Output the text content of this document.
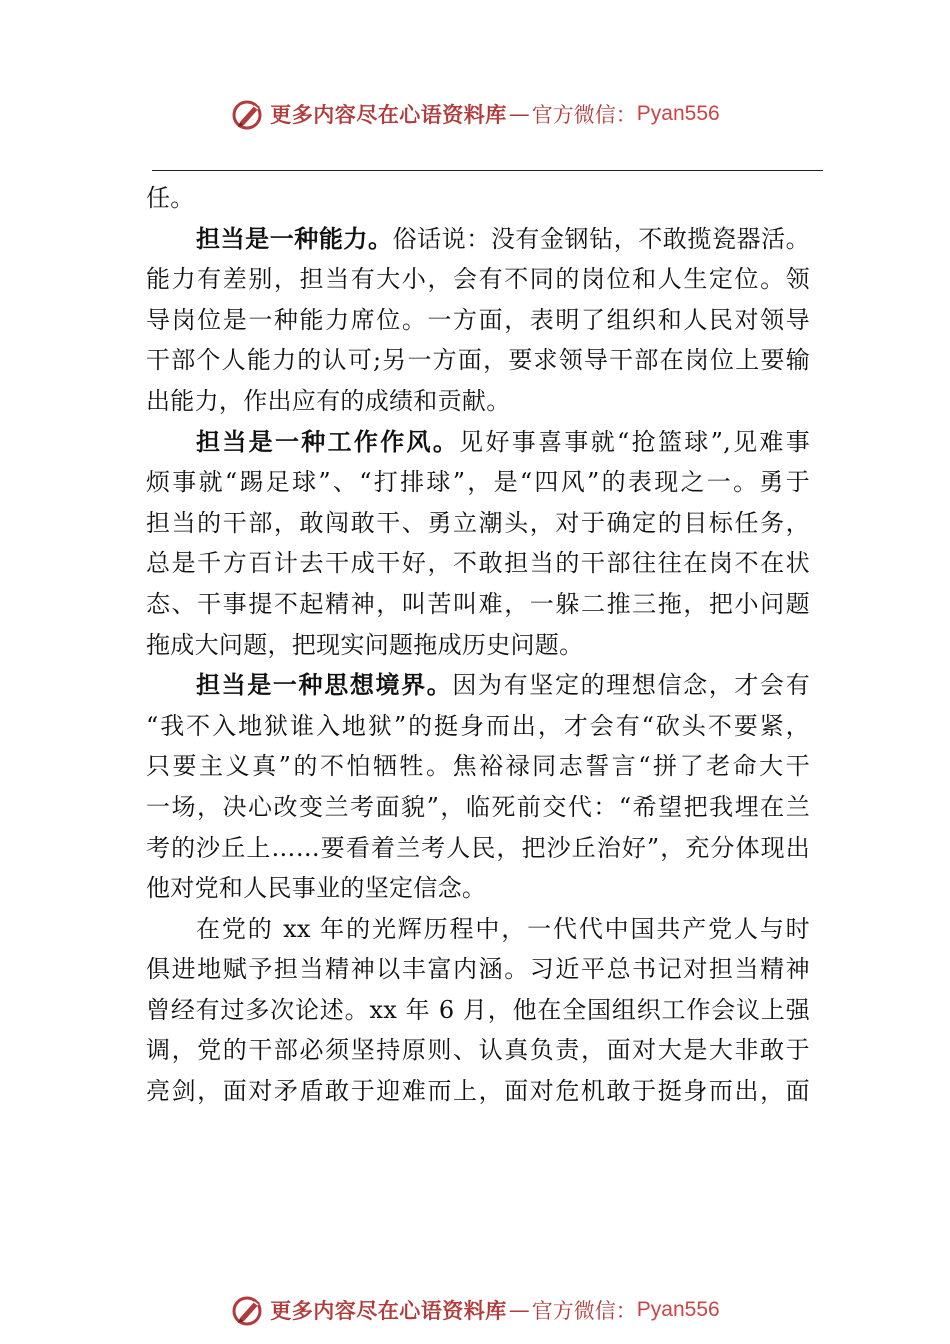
更多内容尽在心语资料库 — 官方微信： Pyan556
任。
担当是一种能力。俗话说：没有金钢钻，不敢揽瓷器活。
能力有差别，担当有大小，会有不同的岗位和人生定位。领
导岗位是一种能力席位。一方面，表明了组织和人民对领导
干部个人能力的认可;另一方面，要求领导干部在岗位上要输
出能力，作出应有的成绩和贡献。
担当是一种工作作风。见好事喜事就“抢篮球”,见难事
烦事就“踢足球”、“打排球”，是“四风”的表现之一。勇于
担当的干部，敢闯敢干、勇立潮头，对于确定的目标任务，
总是千方百计去干成干好，不敢担当的干部往往在岗不在状
态、干事提不起精神，叫苦叫难，一躲二推三拖，把小问题
拖成大问题，把现实问题拖成历史问题。
担当是一种思想境界。因为有坚定的理想信念，才会有
“我不入地狱谁入地狱”的挺身而出，才会有“砍头不要紧，
只要主义真”的不怕牺牲。焦裕禄同志誓言“拼了老命大干
一场，决心改变兰考面貌”，临死前交代：“希望把我埋在兰
考的沙丘上……要看着兰考人民，把沙丘治好”，充分体现出
他对党和人民事业的坚定信念。
在党的 xx 年的光辉历程中，一代代中国共产党人与时
俱进地赋予担当精神以丰富内涵。习近平总书记对担当精神
曾经有过多次论述。xx 年 6 月，他在全国组织工作会议上强
调，党的干部必须坚持原则、认真负责，面对大是大非敢于
亮剑，面对矛盾敢于迎难而上，面对危机敢于挺身而出，面
更多内容尽在心语资料库 — 官方微信： Pyan556
